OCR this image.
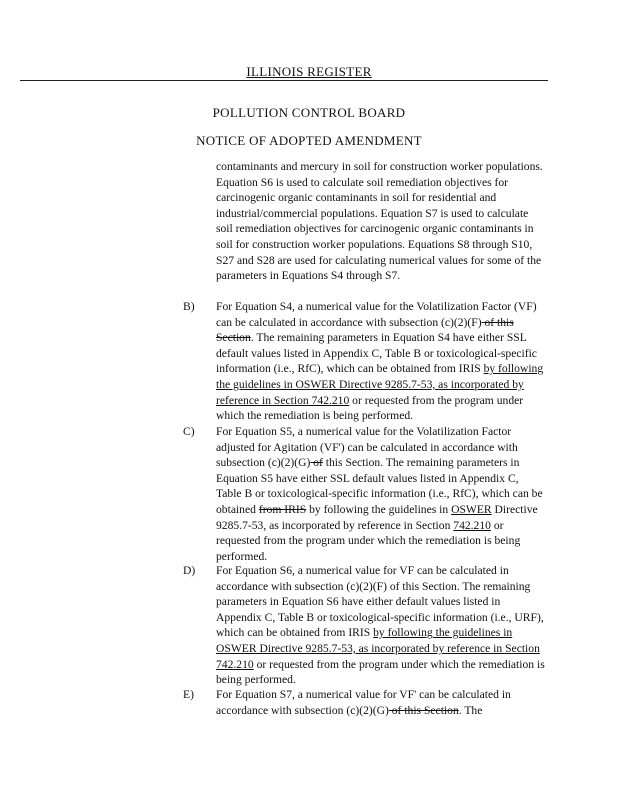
ILLINOIS REGISTER
POLLUTION CONTROL BOARD
NOTICE OF ADOPTED AMENDMENT
contaminants and mercury in soil for construction worker populations. Equation S6 is used to calculate soil remediation objectives for carcinogenic organic contaminants in soil for residential and industrial/commercial populations. Equation S7 is used to calculate soil remediation objectives for carcinogenic organic contaminants in soil for construction worker populations. Equations S8 through S10, S27 and S28 are used for calculating numerical values for some of the parameters in Equations S4 through S7.
B) For Equation S4, a numerical value for the Volatilization Factor (VF) can be calculated in accordance with subsection (c)(2)(F) of this Section. The remaining parameters in Equation S4 have either SSL default values listed in Appendix C, Table B or toxicological-specific information (i.e., RfC), which can be obtained from IRIS by following the guidelines in OSWER Directive 9285.7-53, as incorporated by reference in Section 742.210 or requested from the program under which the remediation is being performed.
C) For Equation S5, a numerical value for the Volatilization Factor adjusted for Agitation (VF') can be calculated in accordance with subsection (c)(2)(G) of this Section. The remaining parameters in Equation S5 have either SSL default values listed in Appendix C, Table B or toxicological-specific information (i.e., RfC), which can be obtained from IRIS by following the guidelines in OSWER Directive 9285.7-53, as incorporated by reference in Section 742.210 or requested from the program under which the remediation is being performed.
D) For Equation S6, a numerical value for VF can be calculated in accordance with subsection (c)(2)(F) of this Section. The remaining parameters in Equation S6 have either default values listed in Appendix C, Table B or toxicological-specific information (i.e., URF), which can be obtained from IRIS by following the guidelines in OSWER Directive 9285.7-53, as incorporated by reference in Section 742.210 or requested from the program under which the remediation is being performed.
E) For Equation S7, a numerical value for VF' can be calculated in accordance with subsection (c)(2)(G) of this Section. The
